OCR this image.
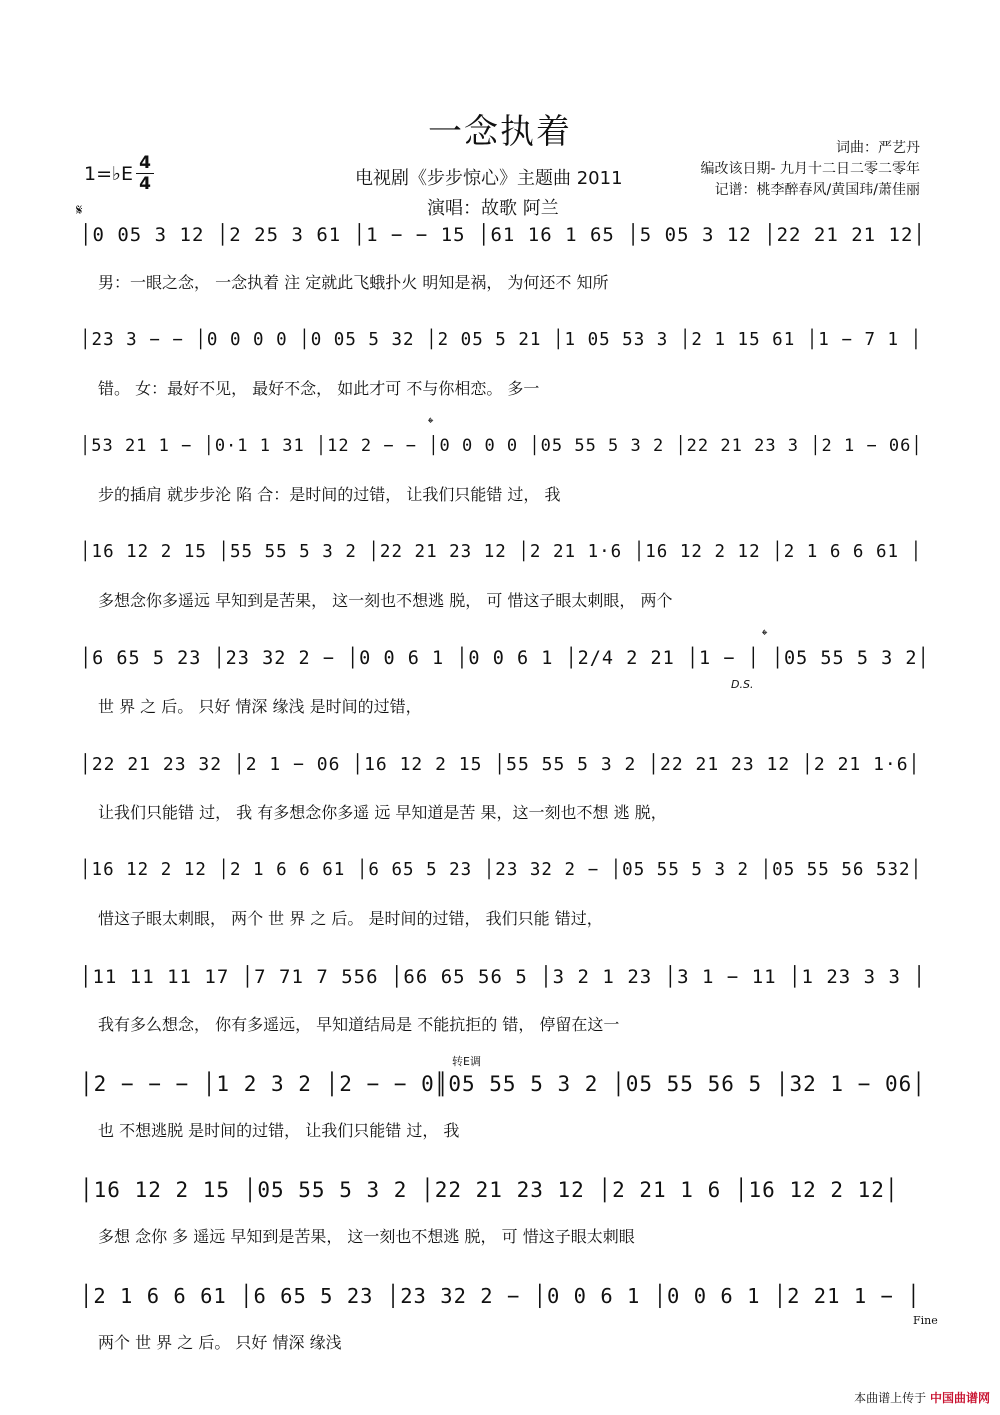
一念执着	词曲：严艺丹
编改该日期- 九月十二日二零二零年
记谱：桃李醉春风/黄国玮/萧佳丽
电视剧《步步惊心》主题曲 2011
演唱：故歌 阿兰
1=♭E 4
4
𝄋
│0 05 3 12 │2 25 3 61 │1 − − 15 │61 16 1 65 │5 05 3 12 │22 21 21 12│
男：一眼之念， 一念执着 注 定就此飞蛾扑火 明知是祸， 为何还不 知所
│23 3 − − │0 0 0 0 │0 05 5 32 │2 05 5 21 │1 05 53 3 │2 1 15 61 │1 − 7 1 │
错。 女：最好不见， 最好不念， 如此才可 不与你相恋。 多一
│53 21 1 − │0·1 1 31 │12 2 − − │0 0 0 0 │05 55 5 3 2 │22 21 23 3 │2 1 − 06│
步的插肩 就步步沦 陷 合：是时间的过错， 让我们只能错 过， 我
𝄌
│16 12 2 15 │55 55 5 3 2 │22 21 23 12 │2 21 1·6 │16 12 2 12 │2 1 6 6 61 │
多想念你多遥远 早知到是苦果， 这一刻也不想逃 脱， 可 惜这子眼太刺眼， 两个
│6 65 5 23 │23 32 2 − │0 0 6 1 │0 0 6 1 │2/4 2 21 │1 − │ │05 55 5 3 2│
世 界 之 后。 只好 情深 缘浅 是时间的过错，
D.S.
𝄌
│22 21 23 32 │2 1 − 06 │16 12 2 15 │55 55 5 3 2 │22 21 23 12 │2 21 1·6│
让我们只能错 过， 我 有多想念你多遥 远 早知道是苦 果，这一刻也不想 逃 脱，
│16 12 2 12 │2 1 6 6 61 │6 65 5 23 │23 32 2 − │05 55 5 3 2 │05 55 56 532│
惜这子眼太刺眼， 两个 世 界 之 后。 是时间的过错， 我们只能 错过，
│11 11 11 17 │7 71 7 556 │66 65 56 5 │3 2 1 23 │3 1 − 11 │1 23 3 3 │
我有多么想念， 你有多遥远， 早知道结局是 不能抗拒的 错， 停留在这一
│2 − − − │1 2 3 2 │2 − − 0║05 55 5 3 2 │05 55 56 5 │32 1 − 06│
也 不想逃脱 是时间的过错， 让我们只能错 过， 我
转E调
│16 12 2 15 │05 55 5 3 2 │22 21 23 12 │2 21 1 6 │16 12 2 12│
多想 念你 多 遥远 早知到是苦果， 这一刻也不想逃 脱， 可 惜这子眼太刺眼
│2 1 6 6 61 │6 65 5 23 │23 32 2 − │0 0 6 1 │0 0 6 1 │2 21 1 − │
两个 世 界 之 后。 只好 情深 缘浅
Fine
本曲谱上传于 中国曲谱网
